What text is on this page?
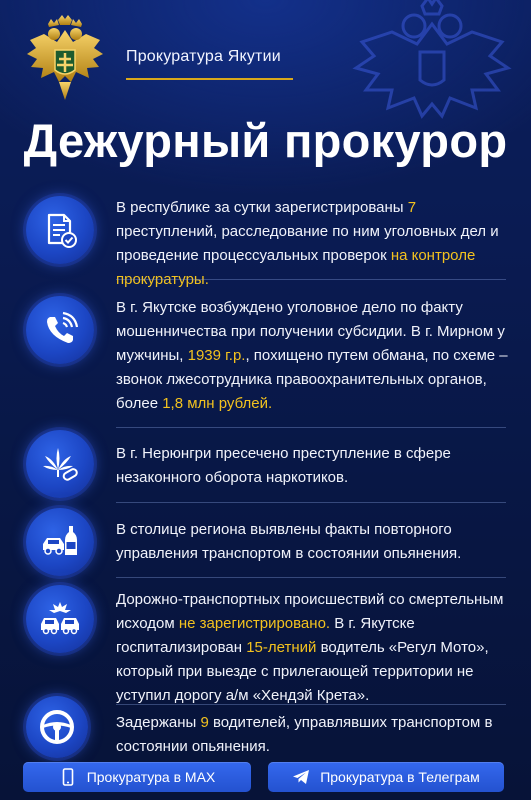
Прокуратура Якутии
Дежурный прокурор
В республике за сутки зарегистрированы 7 преступлений, расследование по ним уголовных дел и проведение процессуальных проверок на контроле прокуратуры.
В г. Якутске возбуждено уголовное дело по факту мошенничества при получении субсидии. В г. Мирном у мужчины, 1939 г.р., похищено путем обмана, по схеме – звонок лжесотрудника правоохранительных органов, более 1,8 млн рублей.
В г. Нерюнгри пресечено преступление в сфере незаконного оборота наркотиков.
В столице региона выявлены факты повторного управления транспортом в состоянии опьянения.
Дорожно-транспортных происшествий со смертельным исходом не зарегистрировано. В г. Якутске госпитализирован 15-летний водитель «Регул Мото», который при выезде с прилегающей территории не уступил дорогу а/м «Хендэй Крета».
Задержаны 9 водителей, управлявших транспортом в состоянии опьянения.
Прокуратура в MAX	Прокуратура в Телеграм
